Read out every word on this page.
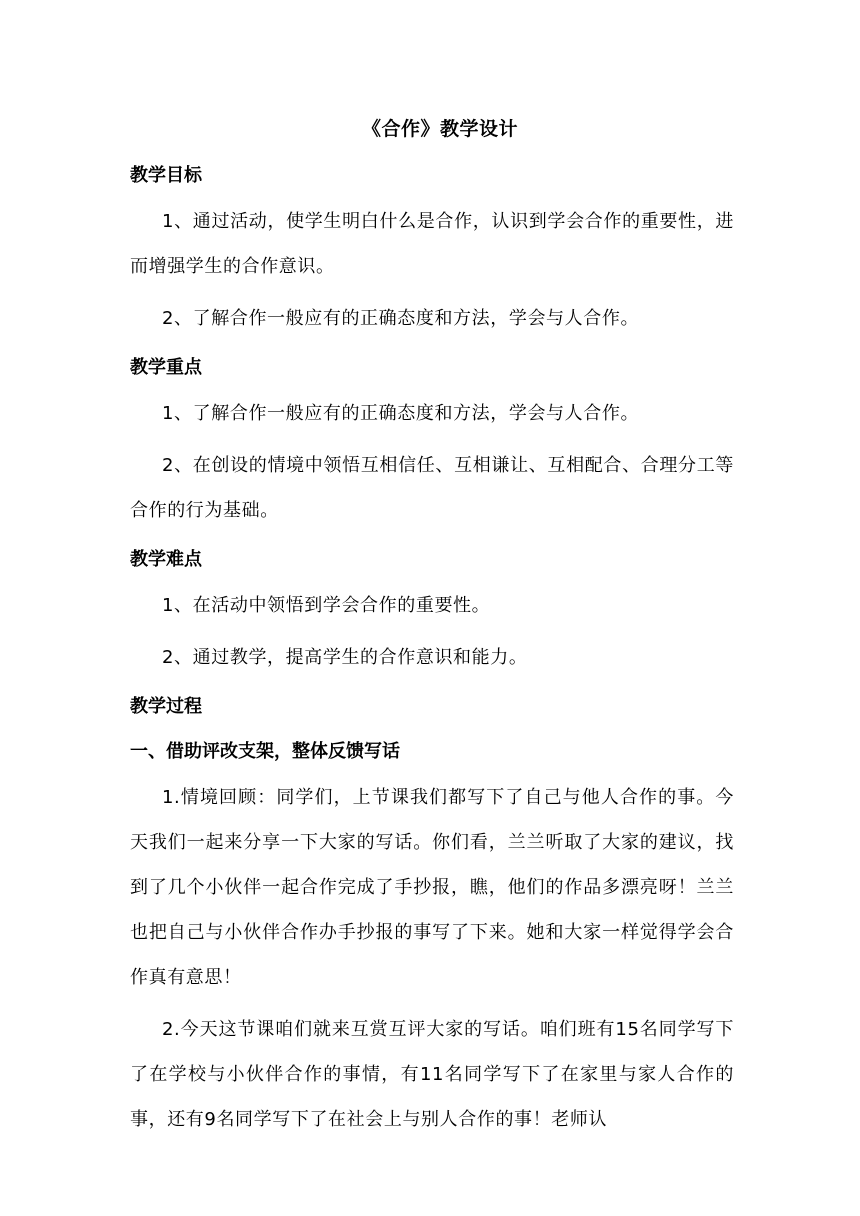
《合作》教学设计
教学目标

1、通过活动，使学生明白什么是合作，认识到学会合作的重要性，进而增强学生的合作意识。

2、了解合作一般应有的正确态度和方法，学会与人合作。

教学重点

1、了解合作一般应有的正确态度和方法，学会与人合作。

2、在创设的情境中领悟互相信任、互相谦让、互相配合、合理分工等合作的行为基础。

教学难点

1、在活动中领悟到学会合作的重要性。

2、通过教学，提高学生的合作意识和能力。

教学过程
一、借助评改支架，整体反馈写话

1.情境回顾：同学们，上节课我们都写下了自己与他人合作的事。今天我们一起来分享一下大家的写话。你们看，兰兰听取了大家的建议，找到了几个小伙伴一起合作完成了手抄报，瞧，他们的作品多漂亮呀！兰兰也把自己与小伙伴合作办手抄报的事写了下来。她和大家一样觉得学会合作真有意思！

2.今天这节课咱们就来互赏互评大家的写话。咱们班有15名同学写下了在学校与小伙伴合作的事情，有11名同学写下了在家里与家人合作的事，还有9名同学写下了在社会上与别人合作的事！老师认
